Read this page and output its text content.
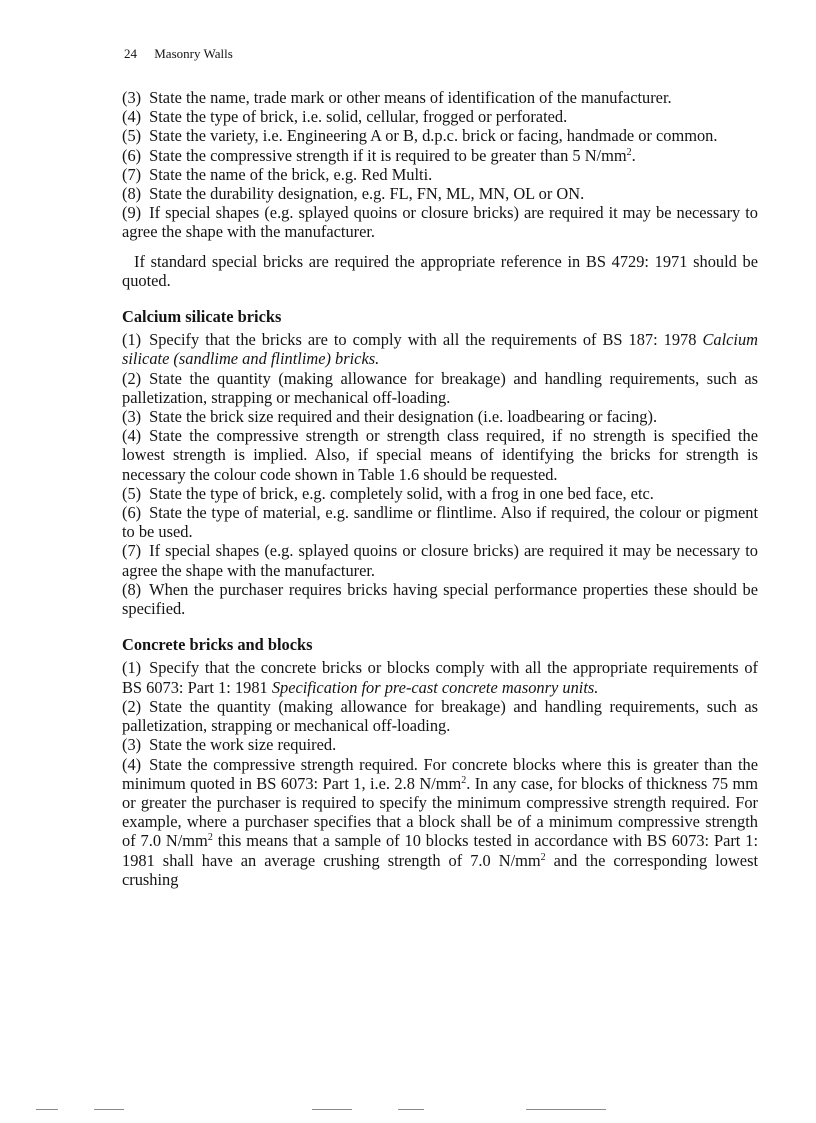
24 Masonry Walls

(3) State the name, trade mark or other means of identification of the manufacturer.

(4) State the type of brick, i.e. solid, cellular, frogged or perforated.

(5) State the variety, i.e. Engineering A or B, d.p.c. brick or facing, handmade or common.

(6) State the compressive strength if it is required to be greater than 5 $N/mm^2$.

(7) State the name of the brick, e.g. Red Multi.

(8) State the durability designation, e.g. FL, FN, ML, MN, OL or ON.

(9) If special shapes (e.g. splayed quoins or closure bricks) are required it may be necessary to agree the shape with the manufacturer.

If standard special bricks are required the appropriate reference in BS 4729: 1971 should be quoted.

Calcium silicate bricks

(1) Specify that the bricks are to comply with all the requirements of BS 187: 1978 Calcium silicate (sandlime and flintlime) bricks.

(2) State the quantity (making allowance for breakage) and handling requirements, such as palletization, strapping or mechanical off-loading.

(3) State the brick size required and their designation (i.e. loadbearing or facing).

(4) State the compressive strength or strength class required, if no strength is specified the lowest strength is implied. Also, if special means of identifying the bricks for strength is necessary the colour code shown in Table 1.6 should be requested.

(5) State the type of brick, e.g. completely solid, with a frog in one bed face, etc.

(6) State the type of material, e.g. sandlime or flintlime. Also if required, the colour or pigment to be used.

(7) If special shapes (e.g. splayed quoins or closure bricks) are required it may be necessary to agree the shape with the manufacturer.

(8) When the purchaser requires bricks having special performance properties these should be specified.

Concrete bricks and blocks

(1) Specify that the concrete bricks or blocks comply with all the appropriate requirements of BS 6073: Part 1: 1981 Specification for pre-cast concrete masonry units.

(2) State the quantity (making allowance for breakage) and handling requirements, such as palletization, strapping or mechanical off-loading.

(3) State the work size required.

(4) State the compressive strength required. For concrete blocks where this is greater than the minimum quoted in BS 6073: Part 1, i.e. 2.8 $N/mm^2$. In any case, for blocks of thickness 75 mm or greater the purchaser is required to specify the minimum compressive strength required. For example, where a purchaser specifies that a block shall be of a minimum compressive strength of 7.0 $N/mm^2$ this means that a sample of 10 blocks tested in accordance with BS 6073: Part 1: 1981 shall have an average crushing strength of 7.0 $N/mm^2$ and the corresponding lowest crushing
